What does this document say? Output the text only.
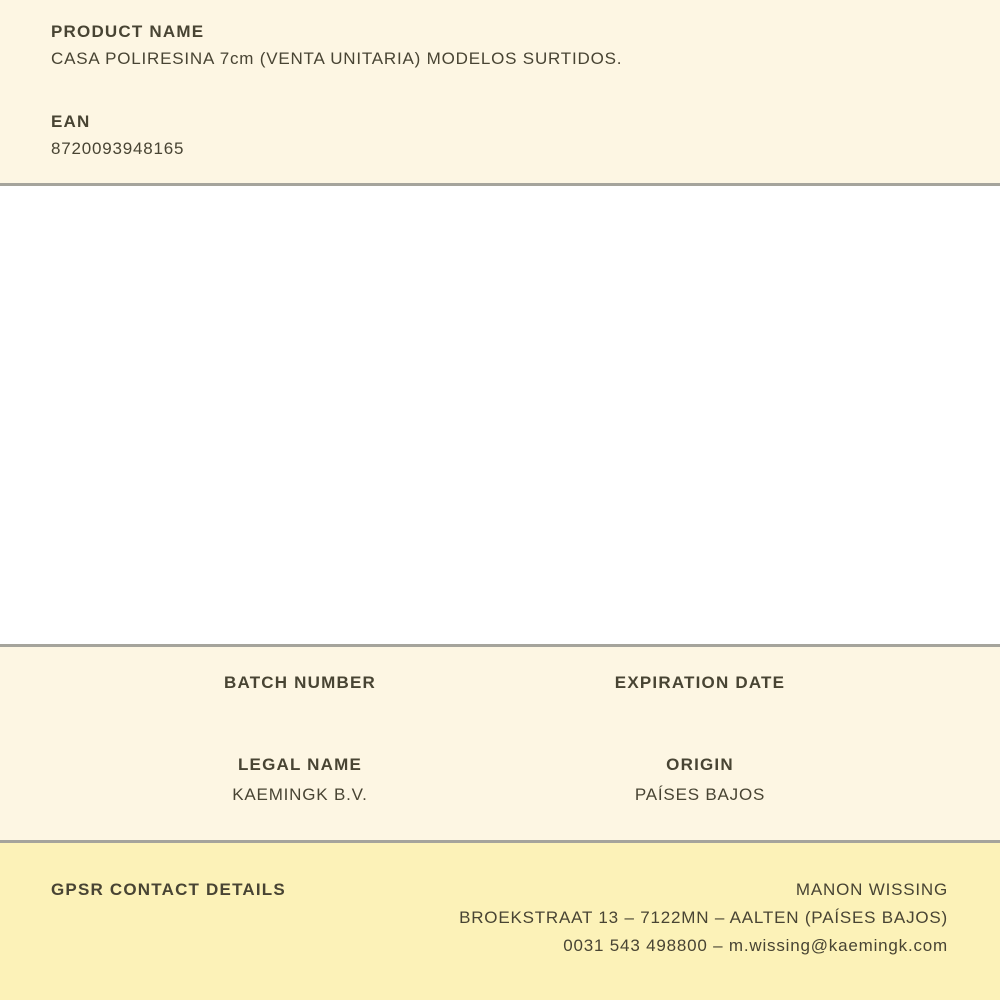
PRODUCT NAME
CASA POLIRESINA 7cm (VENTA UNITARIA) MODELOS SURTIDOS.
EAN
8720093948165
BATCH NUMBER	EXPIRATION DATE
LEGAL NAME
KAEMINGK B.V.
ORIGIN
PAÍSES BAJOS
GPSR CONTACT DETAILS	MANON WISSING
BROEKSTRAAT 13 – 7122MN – AALTEN (PAÍSES BAJOS)
0031 543 498800 – m.wissing@kaemingk.com
